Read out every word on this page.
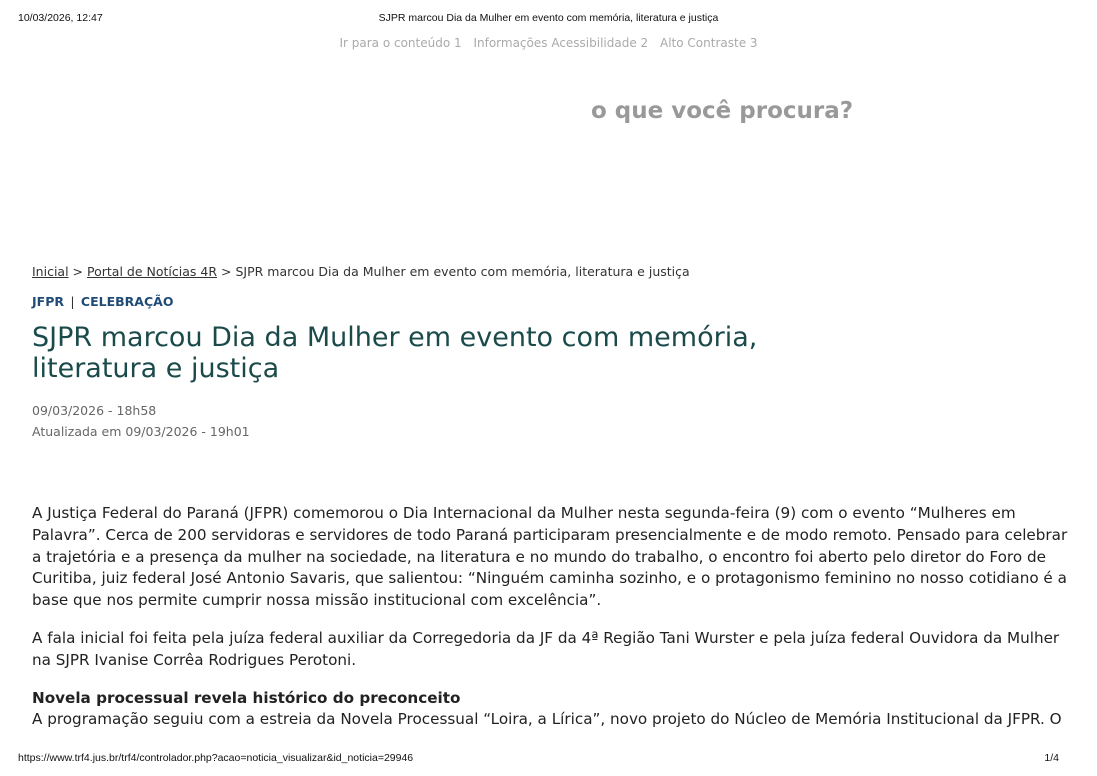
10/03/2026, 12:47	SJPR marcou Dia da Mulher em evento com memória, literatura e justiça
Ir para o conteúdo 1 Informações Acessibilidade 2 Alto Contraste 3
o que você procura?
Inicial > Portal de Notícias 4R > SJPR marcou Dia da Mulher em evento com memória, literatura e justiça
JFPR | CELEBRAÇÃO
SJPR marcou Dia da Mulher em evento com memória, literatura e justiça
09/03/2026 - 18h58
Atualizada em 09/03/2026 - 19h01

A Justiça Federal do Paraná (JFPR) comemorou o Dia Internacional da Mulher nesta segunda-feira (9) com o evento “Mulheres em Palavra”. Cerca de 200 servidoras e servidores de todo Paraná participaram presencialmente e de modo remoto. Pensado para celebrar a trajetória e a presença da mulher na sociedade, na literatura e no mundo do trabalho, o encontro foi aberto pelo diretor do Foro de Curitiba, juiz federal José Antonio Savaris, que salientou: “Ninguém caminha sozinho, e o protagonismo feminino no nosso cotidiano é a base que nos permite cumprir nossa missão institucional com excelência”.

A fala inicial foi feita pela juíza federal auxiliar da Corregedoria da JF da 4ª Região Tani Wurster e pela juíza federal Ouvidora da Mulher na SJPR Ivanise Corrêa Rodrigues Perotoni.

Novela processual revela histórico do preconceito

A programação seguiu com a estreia da Novela Processual “Loira, a Lírica”, novo projeto do Núcleo de Memória Institucional da JFPR. O

https://www.trf4.jus.br/trf4/controlador.php?acao=noticia_visualizar&id_noticia=29946	1/4
